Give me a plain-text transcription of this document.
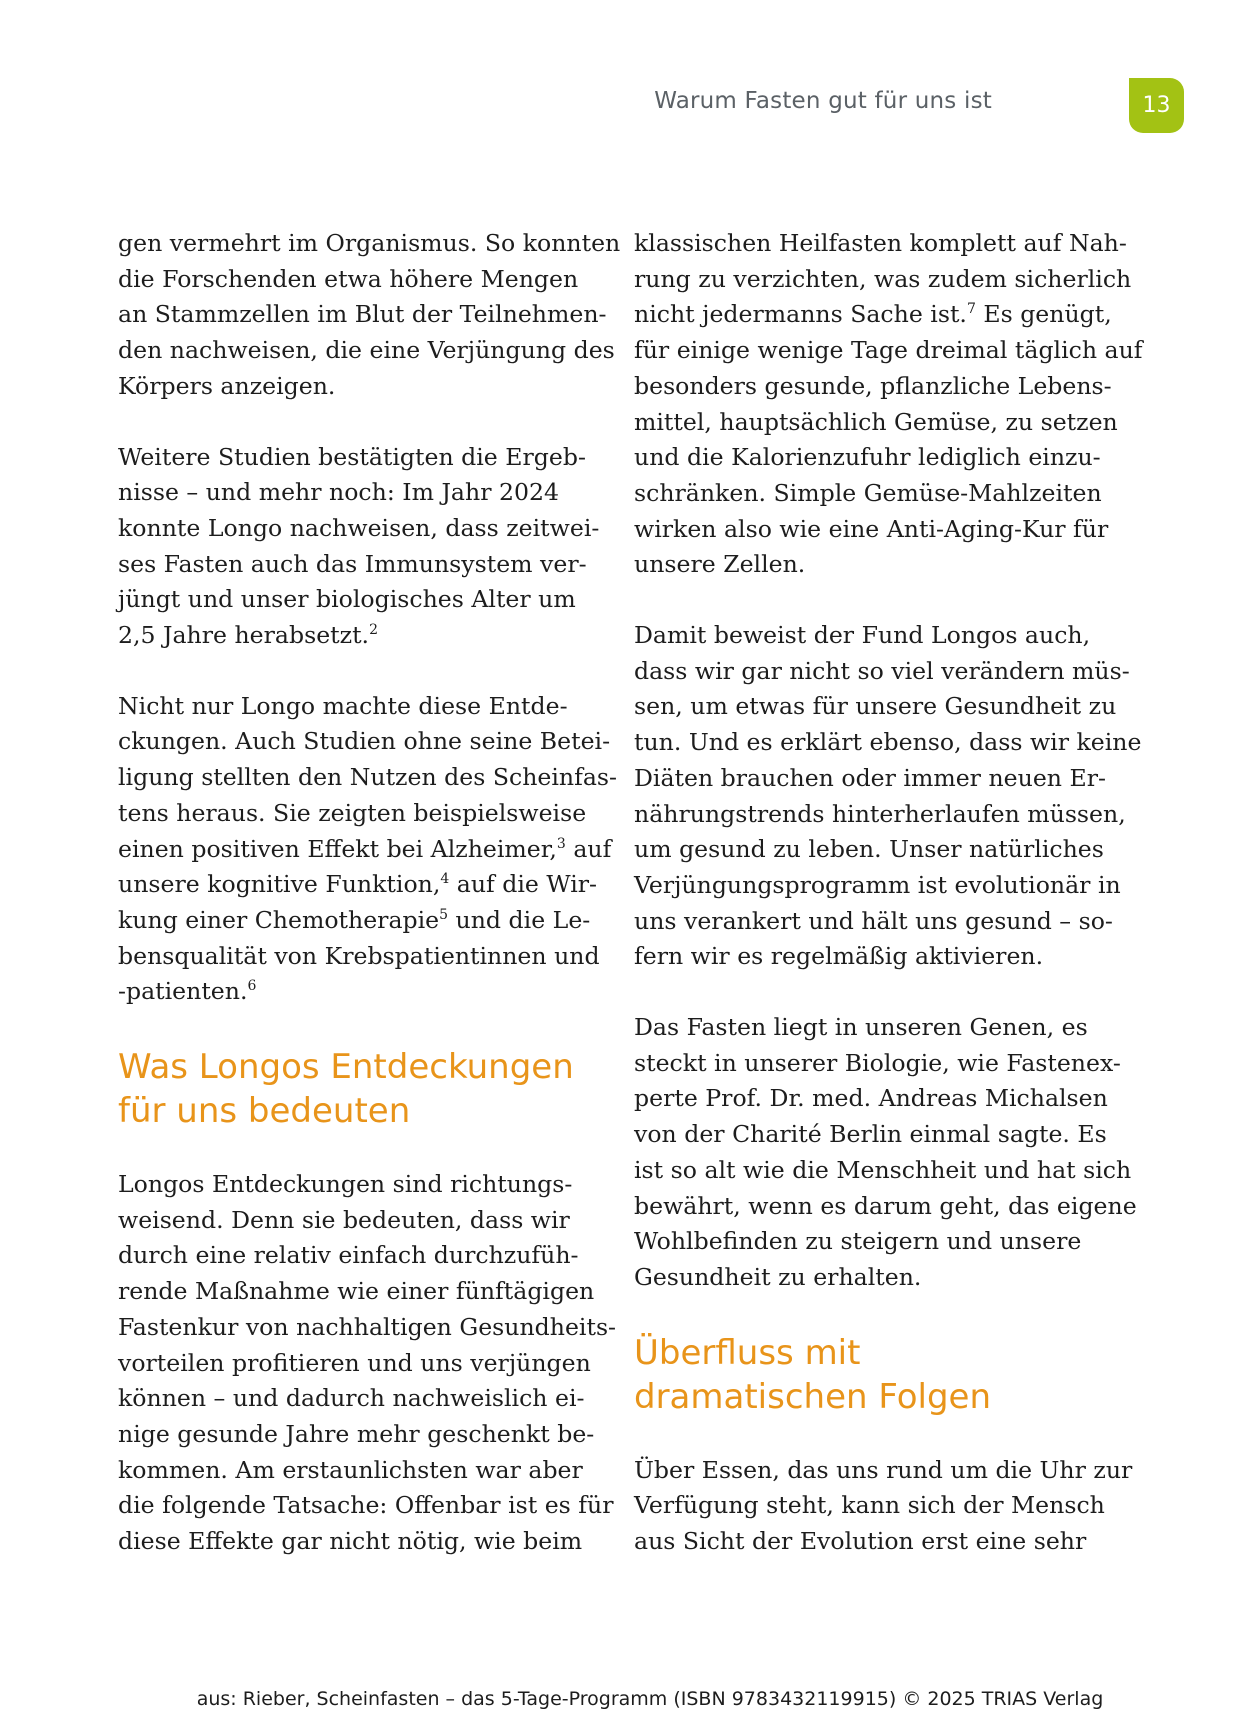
Warum Fasten gut für uns ist	13

gen vermehrt im Organismus. So konnten
die Forschenden etwa höhere Mengen
an Stammzellen im Blut der Teilnehmen-
den nachweisen, die eine Verjüngung des
Körpers anzeigen.

Weitere Studien bestätigten die Ergeb-
nisse – und mehr noch: Im Jahr 2024
konnte Longo nachweisen, dass zeitwei-
ses Fasten auch das Immunsystem ver-
jüngt und unser biologisches Alter um
2,5 Jahre herabsetzt.$^2$

Nicht nur Longo machte diese Entde-
ckungen. Auch Studien ohne seine Betei-
ligung stellten den Nutzen des Scheinfas-
tens heraus. Sie zeigten beispielsweise
einen positiven Effekt bei Alzheimer,$^3$ auf
unsere kognitive Funktion,$^4$ auf die Wir-
kung einer Chemotherapie$^5$ und die Le-
bensqualität von Krebspatientinnen und
-patienten.$^6$

Was Longos Entdeckungen
für uns bedeuten

Longos Entdeckungen sind richtungs-
weisend. Denn sie bedeuten, dass wir
durch eine relativ einfach durchzufüh-
rende Maßnahme wie einer fünftägigen
Fastenkur von nachhaltigen Gesundheits-
vorteilen profitieren und uns verjüngen
können – und dadurch nachweislich ei-
nige gesunde Jahre mehr geschenkt be-
kommen. Am erstaunlichsten war aber
die folgende Tatsache: Offenbar ist es für
diese Effekte gar nicht nötig, wie beim

klassischen Heilfasten komplett auf Nah-
rung zu verzichten, was zudem sicherlich
nicht jedermanns Sache ist.$^7$ Es genügt,
für einige wenige Tage dreimal täglich auf
besonders gesunde, pflanzliche Lebens-
mittel, hauptsächlich Gemüse, zu setzen
und die Kalorienzufuhr lediglich einzu-
schränken. Simple Gemüse-Mahlzeiten
wirken also wie eine Anti-Aging-Kur für
unsere Zellen.

Damit beweist der Fund Longos auch,
dass wir gar nicht so viel verändern müs-
sen, um etwas für unsere Gesundheit zu
tun. Und es erklärt ebenso, dass wir keine
Diäten brauchen oder immer neuen Er-
nährungstrends hinterherlaufen müssen,
um gesund zu leben. Unser natürliches
Verjüngungsprogramm ist evolutionär in
uns verankert und hält uns gesund – so-
fern wir es regelmäßig aktivieren.

Das Fasten liegt in unseren Genen, es
steckt in unserer Biologie, wie Fastenex-
perte Prof. Dr. med. Andreas Michalsen
von der Charité Berlin einmal sagte. Es
ist so alt wie die Menschheit und hat sich
bewährt, wenn es darum geht, das eigene
Wohlbefinden zu steigern und unsere
Gesundheit zu erhalten.

Überfluss mit
dramatischen Folgen

Über Essen, das uns rund um die Uhr zur
Verfügung steht, kann sich der Mensch
aus Sicht der Evolution erst eine sehr

aus: Rieber, Scheinfasten – das 5-Tage-Programm (ISBN 9783432119915) © 2025 TRIAS Verlag
